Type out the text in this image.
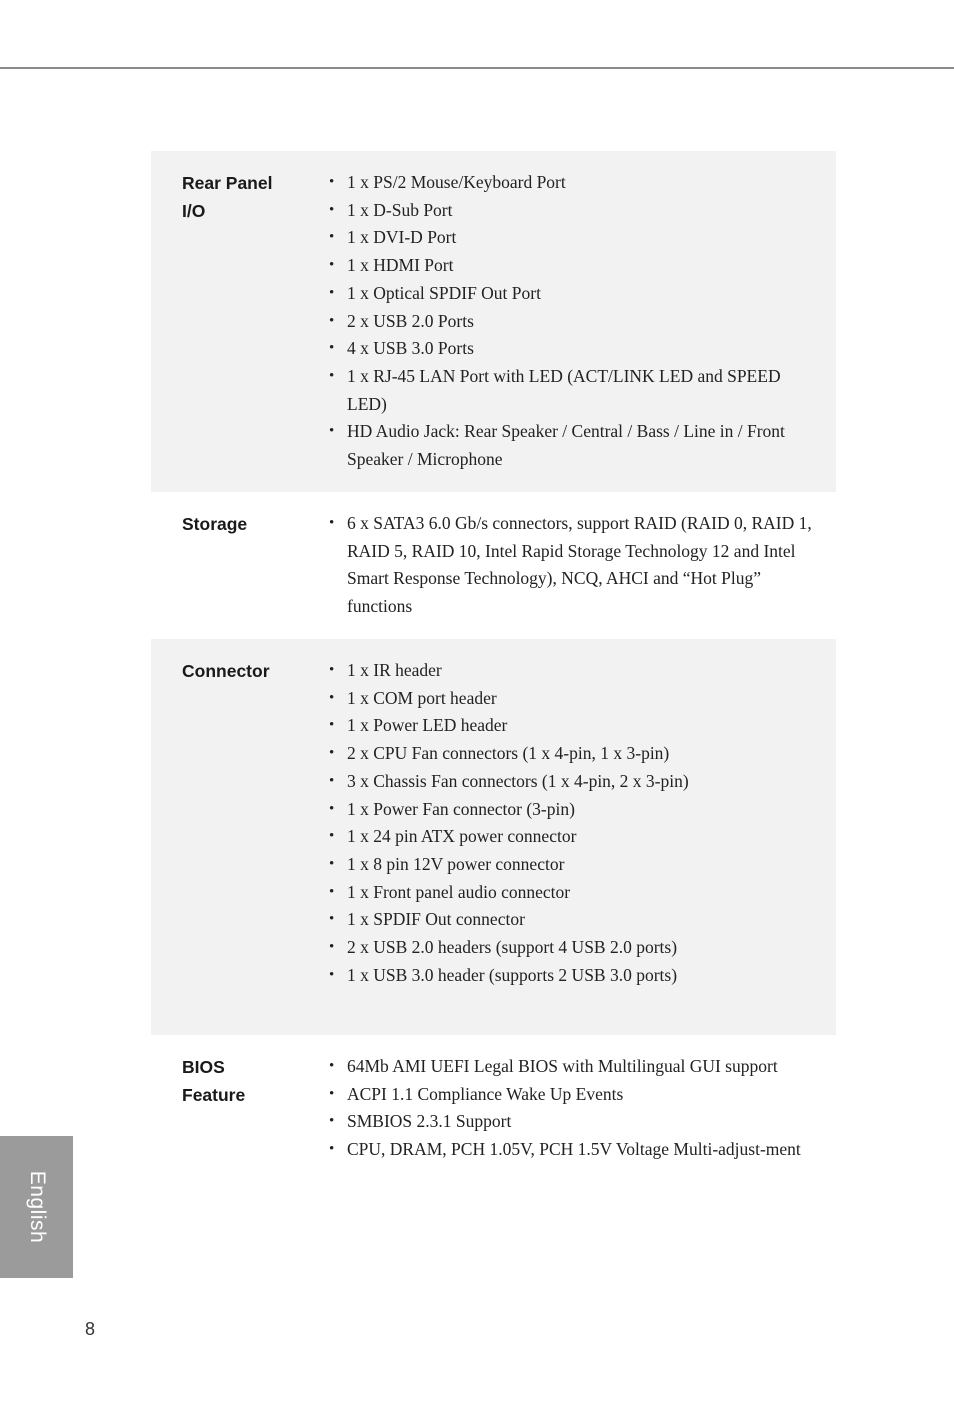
Rear Panel
I/O
• 1 x PS/2 Mouse/Keyboard Port
• 1 x D-Sub Port
• 1 x DVI-D Port
• 1 x HDMI Port
• 1 x Optical SPDIF Out Port
• 2 x USB 2.0 Ports
• 4 x USB 3.0 Ports
• 1 x RJ-45 LAN Port with LED (ACT/LINK LED and SPEED LED)
• HD Audio Jack: Rear Speaker / Central / Bass / Line in / Front Speaker / Microphone
Storage	• 6 x SATA3 6.0 Gb/s connectors, support RAID (RAID 0, RAID 1, RAID 5, RAID 10, Intel Rapid Storage Technology 12 and Intel Smart Response Technology), NCQ, AHCI and “Hot Plug” functions
Connector	• 1 x IR header
• 1 x COM port header
• 1 x Power LED header
• 2 x CPU Fan connectors (1 x 4-pin, 1 x 3-pin)
• 3 x Chassis Fan connectors (1 x 4-pin, 2 x 3-pin)
• 1 x Power Fan connector (3-pin)
• 1 x 24 pin ATX power connector
• 1 x 8 pin 12V power connector
• 1 x Front panel audio connector
• 1 x SPDIF Out connector
• 2 x USB 2.0 headers (support 4 USB 2.0 ports)
• 1 x USB 3.0 header (supports 2 USB 3.0 ports)
BIOS
Feature
• 64Mb AMI UEFI Legal BIOS with Multilingual GUI support
• ACPI 1.1 Compliance Wake Up Events
• SMBIOS 2.3.1 Support
• CPU, DRAM, PCH 1.05V, PCH 1.5V Voltage Multi-adjust-ment
English
8
